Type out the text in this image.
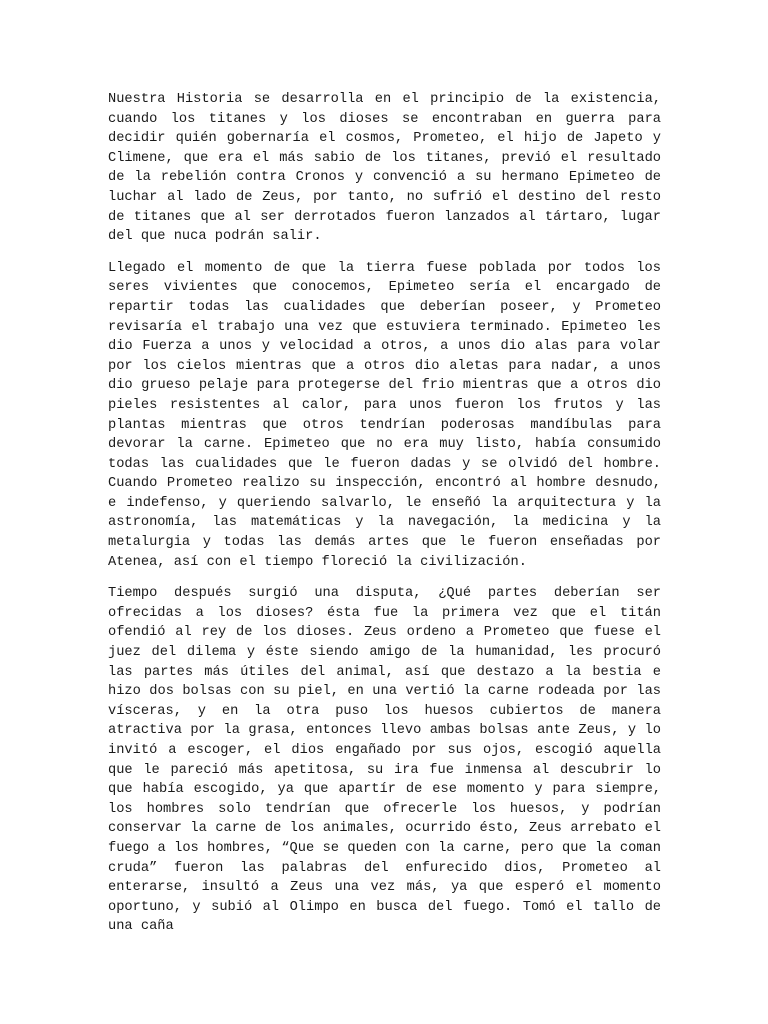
Nuestra Historia se desarrolla en el principio de la existencia, cuando los titanes y los dioses se encontraban en guerra para decidir quién gobernaría el cosmos, Prometeo, el hijo de Japeto y Climene, que era el más sabio de los titanes, previó el resultado de la rebelión contra Cronos y convenció a su hermano Epimeteo de luchar al lado de Zeus, por tanto, no sufrió el destino del resto de titanes que al ser derrotados fueron lanzados al tártaro, lugar del que nuca podrán salir.

Llegado el momento de que la tierra fuese poblada por todos los seres vivientes que conocemos, Epimeteo sería el encargado de repartir todas las cualidades que deberían poseer, y Prometeo revisaría el trabajo una vez que estuviera terminado. Epimeteo les dio Fuerza a unos y velocidad a otros, a unos dio alas para volar por los cielos mientras que a otros dio aletas para nadar, a unos dio grueso pelaje para protegerse del frio mientras que a otros dio pieles resistentes al calor, para unos fueron los frutos y las plantas mientras que otros tendrían poderosas mandíbulas para devorar la carne. Epimeteo que no era muy listo, había consumido todas las cualidades que le fueron dadas y se olvidó del hombre. Cuando Prometeo realizo su inspección, encontró al hombre desnudo, e indefenso, y queriendo salvarlo, le enseñó la arquitectura y la astronomía, las matemáticas y la navegación, la medicina y la metalurgia y todas las demás artes que le fueron enseñadas por Atenea, así con el tiempo floreció la civilización.

Tiempo después surgió una disputa, ¿Qué partes deberían ser ofrecidas a los dioses? ésta fue la primera vez que el titán ofendió al rey de los dioses. Zeus ordeno a Prometeo que fuese el juez del dilema y éste siendo amigo de la humanidad, les procuró las partes más útiles del animal, así que destazo a la bestia e hizo dos bolsas con su piel, en una vertió la carne rodeada por las vísceras, y en la otra puso los huesos cubiertos de manera atractiva por la grasa, entonces llevo ambas bolsas ante Zeus, y lo invitó a escoger, el dios engañado por sus ojos, escogió aquella que le pareció más apetitosa, su ira fue inmensa al descubrir lo que había escogido, ya que apartír de ese momento y para siempre, los hombres solo tendrían que ofrecerle los huesos, y podrían conservar la carne de los animales, ocurrido ésto, Zeus arrebato el fuego a los hombres, “Que se queden con la carne, pero que la coman cruda” fueron las palabras del enfurecido dios, Prometeo al enterarse, insultó a Zeus una vez más, ya que esperó el momento oportuno, y subió al Olimpo en busca del fuego. Tomó el tallo de una caña
